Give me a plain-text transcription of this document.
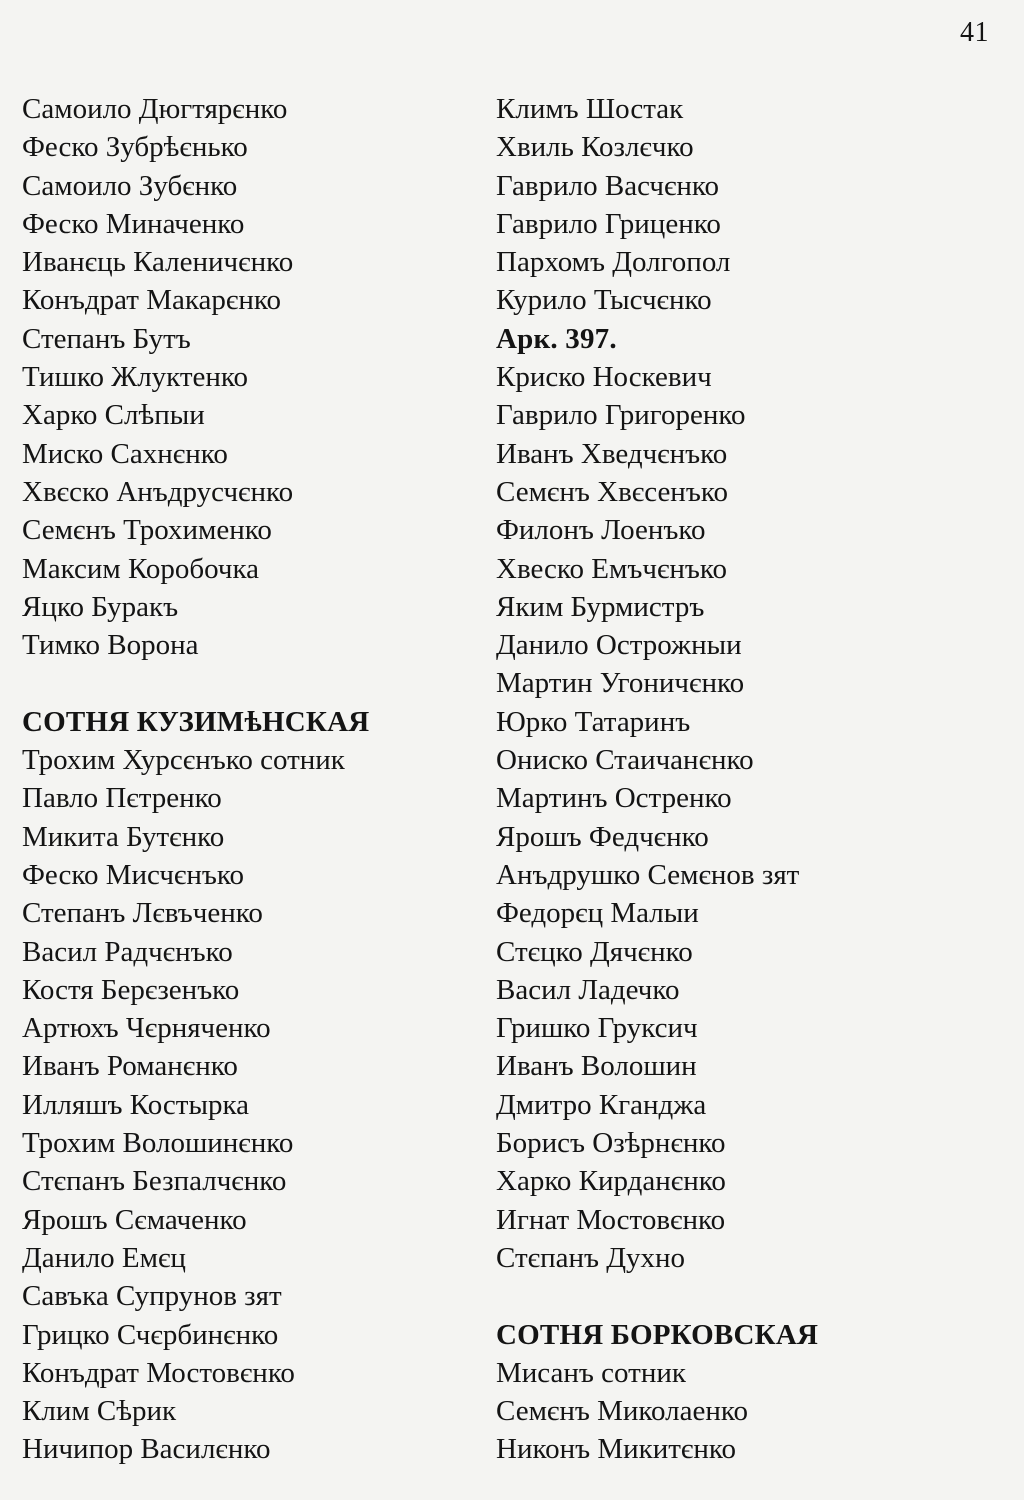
41
Самоило Дюгтярєнко
Феско Зубрѣєнько
Самоило Зубєнко
Феско Миначенко
Иванєць Каленичєнко
Конъдрат Макарєнко
Степанъ Бутъ
Тишко Жлуктенко
Харко Слѣпыи
Миско Сахнєнко
Хвєско Анъдрусчєнко
Семєнъ Трохименко
Максим Коробочка
Яцко Буракъ
Тимко Ворона
СОТНЯ КУЗИМѣНСКАЯ
Трохим Хурсєнъко сотник
Павло Пєтренко
Микита Бутєнко
Феско Мисчєнъко
Степанъ Лєвъченко
Васил Радчєнъко
Костя Берєзенъко
Артюхъ Чєрняченко
Иванъ Романєнко
Илляшъ Костырка
Трохим Волошинєнко
Стєпанъ Безпалчєнко
Ярошъ Сємаченко
Данило Емєц
Савъка Супрунов зят
Грицко Счєрбинєнко
Конъдрат Мостовєнко
Клим Сѣрик
Ничипор Василєнко
Климъ Шостак
Хвиль Козлєчко
Гаврило Васчєнко
Гаврило Гриценко
Пархомъ Долгопол
Курило Тысчєнко
Арк. 397.
Криско Носкевич
Гаврило Григоренко
Иванъ Хведчєнъко
Семєнъ Хвєсенъко
Филонъ Лоенъко
Хвеско Емъчєнъко
Яким Бурмистръ
Данило Острожныи
Мартин Угоничєнко
Юрко Татаринъ
Ониско Стаичанєнко
Мартинъ Остренко
Ярошъ Федчєнко
Анъдрушко Семєнов зят
Федорєц Малыи
Стєцко Дячєнко
Васил Ладечко
Гришко Груксич
Иванъ Волошин
Дмитро Кганджа
Борисъ Озѣрнєнко
Харко Кирданєнко
Игнат Мостовєнко
Стєпанъ Духно
СОТНЯ БОРКОВСКАЯ
Мисанъ сотник
Семєнъ Миколаенко
Никонъ Микитєнко
